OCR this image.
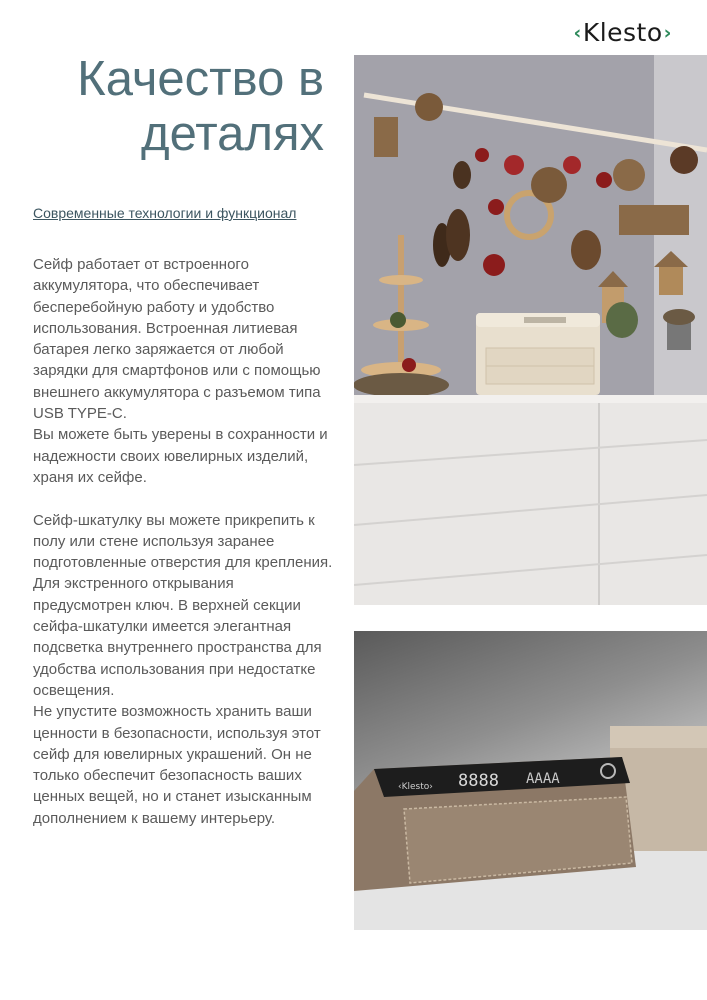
‹ Klesto ›
Качество в
деталях

Современные технологии и функционал

Сейф работает от встроенного аккумулятора, что обеспечивает бесперебойную работу и удобство использования. Встроенная литиевая батарея легко заряжается от любой зарядки для смартфонов или с помощью внешнего аккумулятора с разъемом типа USB TYPE-C.

Вы можете быть уверены в сохранности и надежности своих ювелирных изделий, храня их сейфе.

Сейф-шкатулку вы можете прикрепить к полу или стене используя заранее подготовленные отверстия для крепления. Для экстренного открывания предусмотрен ключ. В верхней секции сейфа-шкатулки имеется элегантная подсветка внутреннего пространства для удобства использования при недостатке освещения.

Не упустите возможность хранить ваши ценности в безопасности, используя этот сейф для ювелирных украшений. Он не только обеспечит безопасность ваших ценных вещей, но и станет изысканным дополнением к вашему интерьеру.

‹Klesto› 8888 AAAA
